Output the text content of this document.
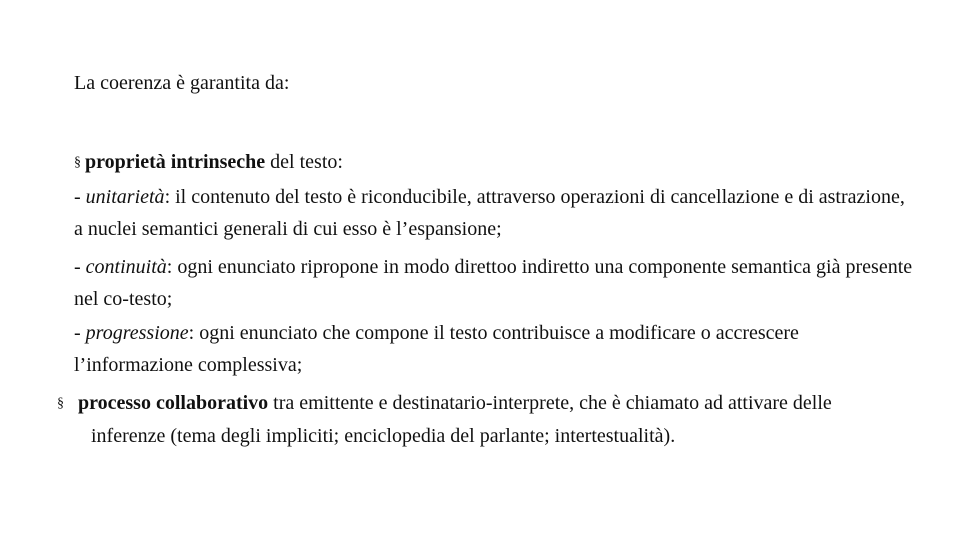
La coerenza è garantita da:
§ proprietà intrinseche del testo:
- unitarietà: il contenuto del testo è riconducibile, attraverso operazioni di cancellazione e di astrazione, a nuclei semantici generali di cui esso è l’espansione;
- continuità: ogni enunciato ripropone in modo direttoo indiretto una componente semantica già presente nel co-testo;
- progressione: ogni enunciato che compone il testo contribuisce a modificare o accrescere l’informazione complessiva;
§ processo collaborativo tra emittente e destinatario-interprete, che è chiamato ad attivare delle inferenze (tema degli impliciti; enciclopedia del parlante; intertestualità).
